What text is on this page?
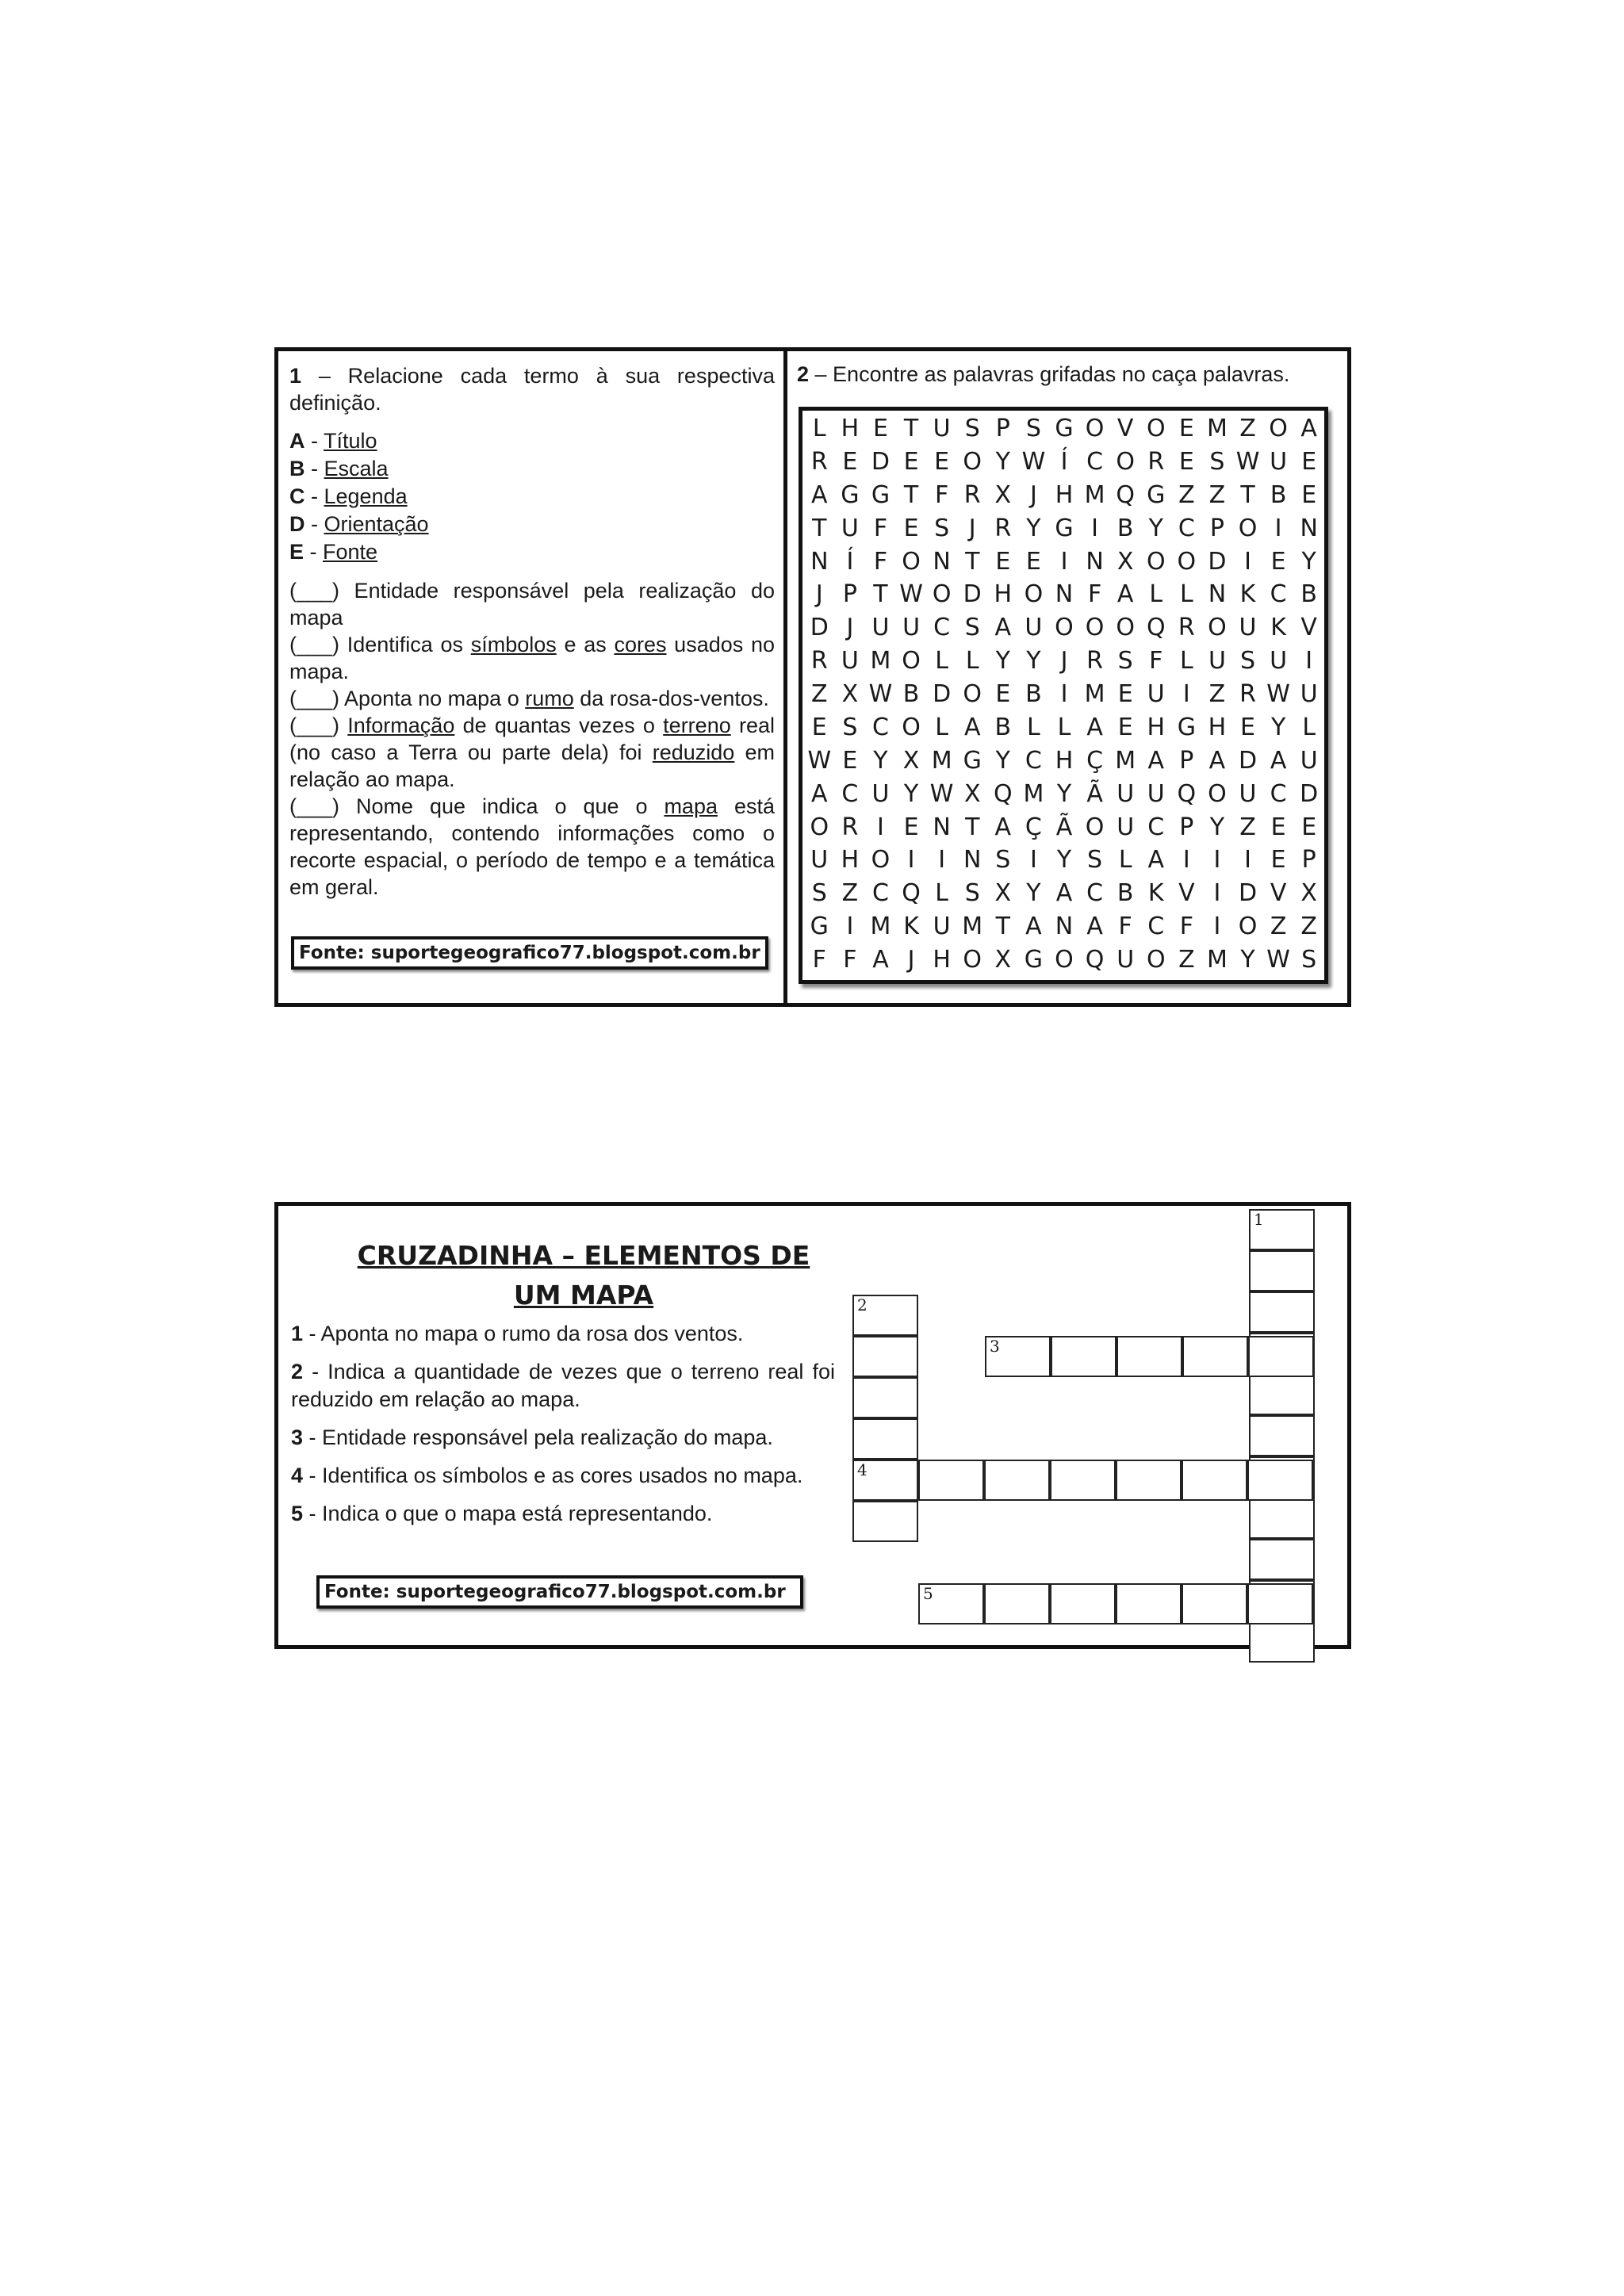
1 – Relacione cada termo à sua respectiva definição.

A - Título
B - Escala
C - Legenda
D - Orientação
E - Fonte

(___) Entidade responsável pela realização do mapa

(___) Identifica os símbolos e as cores usados no mapa.

(___) Aponta no mapa o rumo da rosa-dos-ventos.

(___) Informação de quantas vezes o terreno real (no caso a Terra ou parte dela) foi reduzido em relação ao mapa.

(___) Nome que indica o que o mapa está representando, contendo informações como o recorte espacial, o período de tempo e a temática em geral.

Fonte: suportegeografico77.blogspot.com.br

2 – Encontre as palavras grifadas no caça palavras.

L H E T U S P S G O V O E M Z O A
R E D E E O Y W Í C O R E S W U E
A G G T F R X J H M Q G Z Z T B E
T U F E S J R Y G I B Y C P O I N
N Í F O N T E E I N X O O D I E Y
J P T W O D H O N F A L L N K C B
D J U U C S A U O O O Q R O U K V
R U M O L L Y Y J R S F L U S U I
Z X W B D O E B I M E U I Z R W U
E S C O L A B L L A E H G H E Y L
W E Y X M G Y C H Ç M A P A D A U
A C U Y W X Q M Y Ã U U Q O U C D
O R I E N T A Ç Ã O U C P Y Z E E
U H O I I N S I Y S L A I I I E P
S Z C Q L S X Y A C B K V I D V X
G I M K U M T A N A F C F I O Z Z
F F A J H O X G O Q U O Z M Y W S
CRUZADINHA – ELEMENTOS DE
UM MAPA

1 - Aponta no mapa o rumo da rosa dos ventos.

2 - Indica a quantidade de vezes que o terreno real foi reduzido em relação ao mapa.

3 - Entidade responsável pela realização do mapa.

4 - Identifica os símbolos e as cores usados no mapa.

5 - Indica o que o mapa está representando.

Fonte: suportegeografico77.blogspot.com.br
1
2
3
4
5
